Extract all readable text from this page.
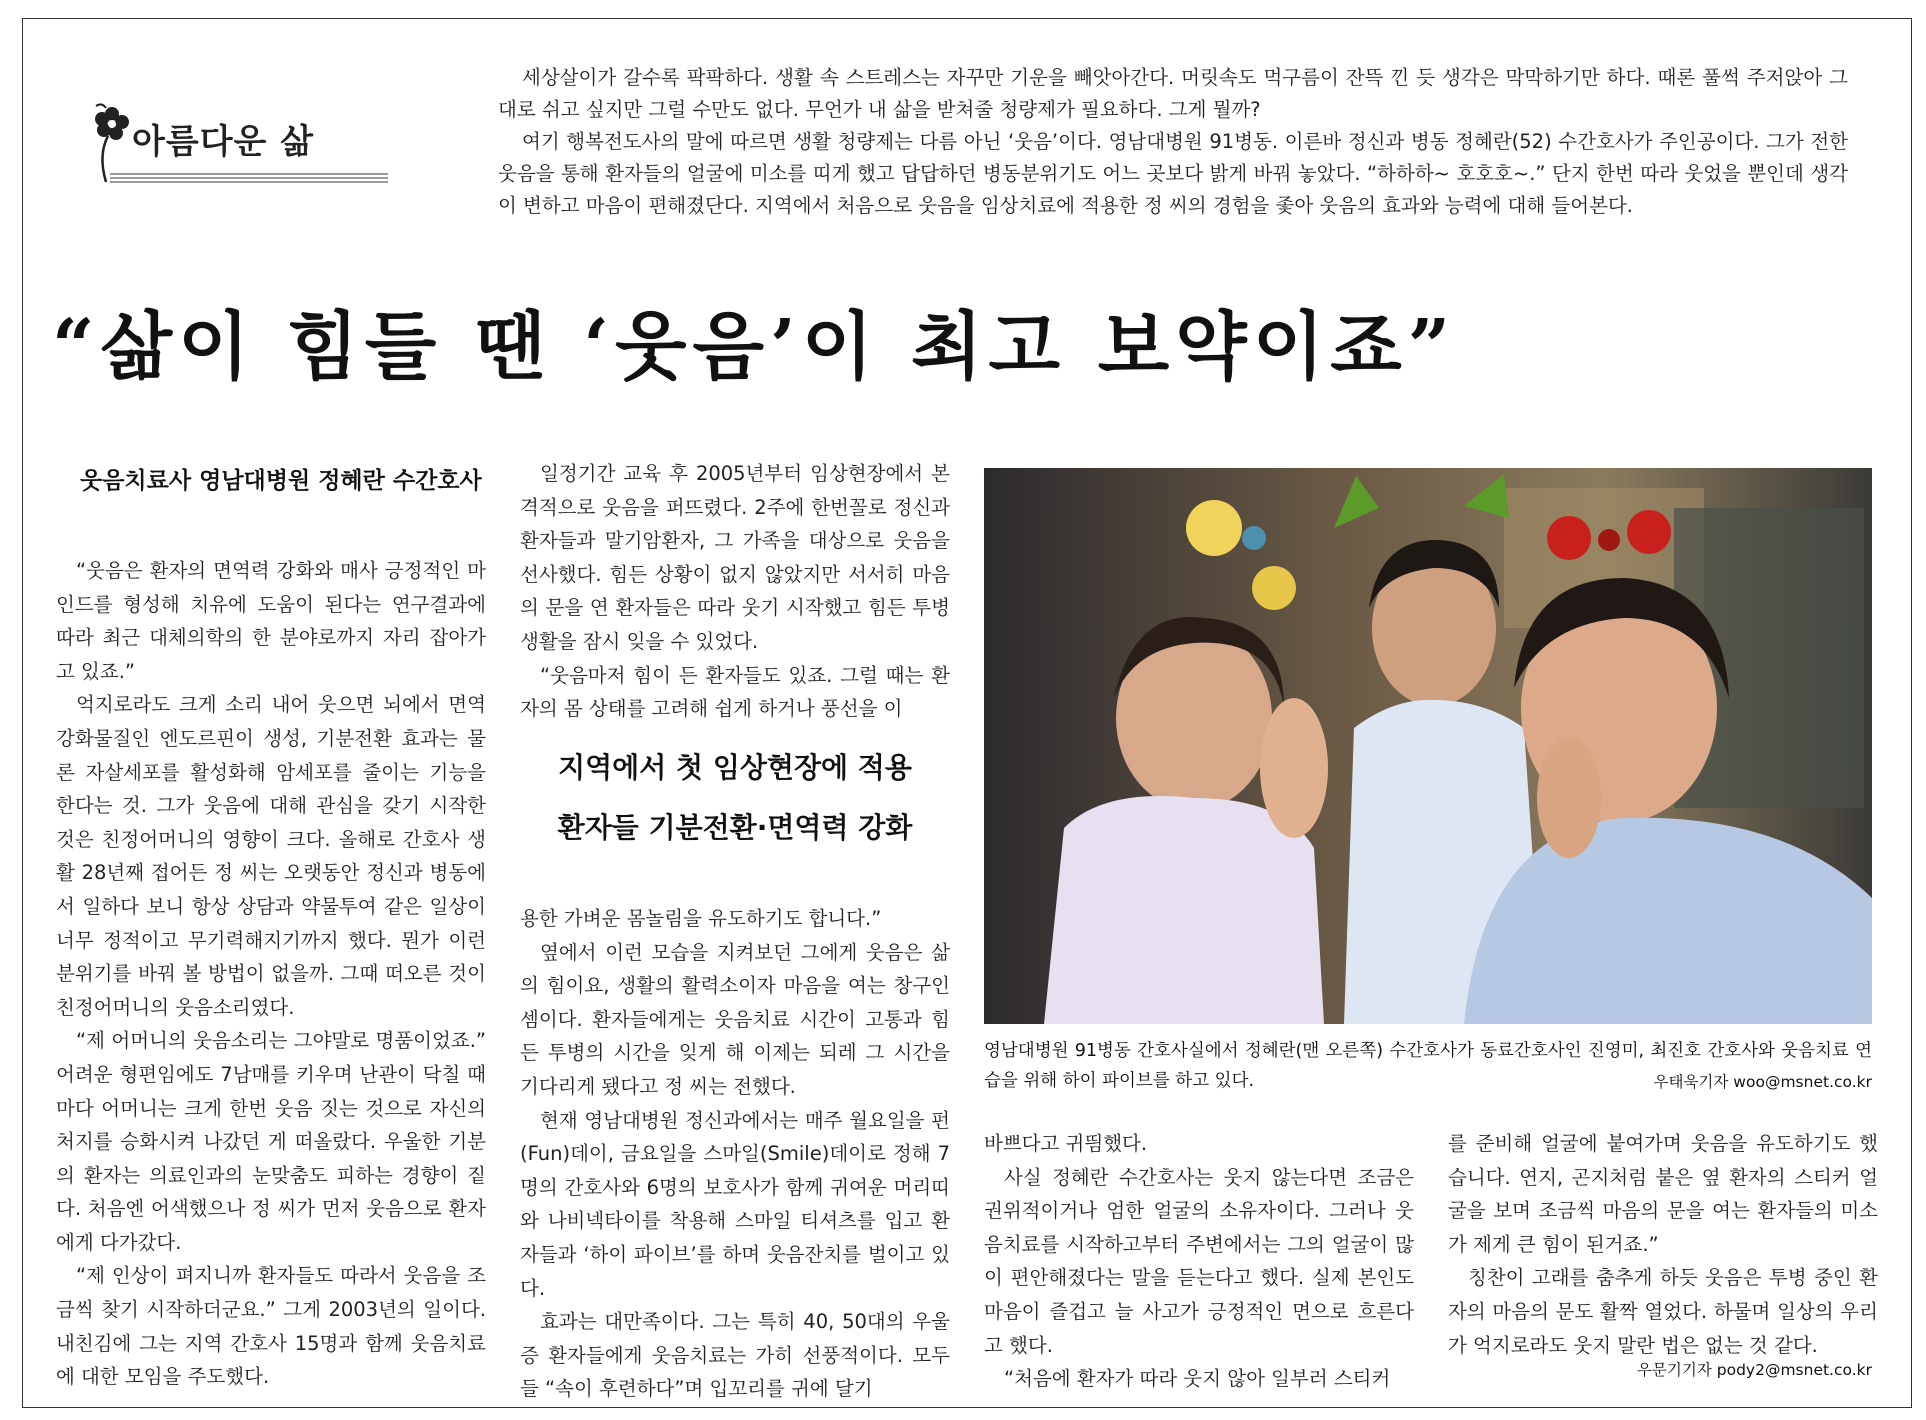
아름다운 삶

세상살이가 갈수록 팍팍하다. 생활 속 스트레스는 자꾸만 기운을 빼앗아간다. 머릿속도 먹구름이 잔뜩 낀 듯 생각은 막막하기만 하다. 때론 풀썩 주저앉아 그대로 쉬고 싶지만 그럴 수만도 없다. 무언가 내 삶을 받쳐줄 청량제가 필요하다. 그게 뭘까?

여기 행복전도사의 말에 따르면 생활 청량제는 다름 아닌 ‘웃음’이다. 영남대병원 91병동. 이른바 정신과 병동 정혜란(52) 수간호사가 주인공이다. 그가 전한 웃음을 통해 환자들의 얼굴에 미소를 띠게 했고 답답하던 병동분위기도 어느 곳보다 밝게 바꿔 놓았다. “하하하~ 호호호~.” 단지 한번 따라 웃었을 뿐인데 생각이 변하고 마음이 편해졌단다. 지역에서 처음으로 웃음을 임상치료에 적용한 정 씨의 경험을 좇아 웃음의 효과와 능력에 대해 들어본다.

“삶이 힘들 땐 ‘웃음’이 최고 보약이죠”
웃음치료사 영남대병원 정혜란 수간호사

“웃음은 환자의 면역력 강화와 매사 긍정적인 마인드를 형성해 치유에 도움이 된다는 연구결과에 따라 최근 대체의학의 한 분야로까지 자리 잡아가고 있죠.”

억지로라도 크게 소리 내어 웃으면 뇌에서 면역강화물질인 엔도르핀이 생성, 기분전환 효과는 물론 자살세포를 활성화해 암세포를 줄이는 기능을 한다는 것. 그가 웃음에 대해 관심을 갖기 시작한 것은 친정어머니의 영향이 크다. 올해로 간호사 생활 28년째 접어든 정 씨는 오랫동안 정신과 병동에서 일하다 보니 항상 상담과 약물투여 같은 일상이 너무 정적이고 무기력해지기까지 했다. 뭔가 이런 분위기를 바꿔 볼 방법이 없을까. 그때 떠오른 것이 친정어머니의 웃음소리였다.

“제 어머니의 웃음소리는 그야말로 명품이었죠.” 어려운 형편임에도 7남매를 키우며 난관이 닥칠 때마다 어머니는 크게 한번 웃음 짓는 것으로 자신의 처지를 승화시켜 나갔던 게 떠올랐다. 우울한 기분의 환자는 의료인과의 눈맞춤도 피하는 경향이 짙다. 처음엔 어색했으나 정 씨가 먼저 웃음으로 환자에게 다가갔다.

“제 인상이 펴지니까 환자들도 따라서 웃음을 조금씩 찾기 시작하더군요.” 그게 2003년의 일이다. 내친김에 그는 지역 간호사 15명과 함께 웃음치료에 대한 모임을 주도했다.

일정기간 교육 후 2005년부터 임상현장에서 본격적으로 웃음을 퍼뜨렸다. 2주에 한번꼴로 정신과 환자들과 말기암환자, 그 가족을 대상으로 웃음을 선사했다. 힘든 상황이 없지 않았지만 서서히 마음의 문을 연 환자들은 따라 웃기 시작했고 힘든 투병생활을 잠시 잊을 수 있었다.

“웃음마저 힘이 든 환자들도 있죠. 그럴 때는 환자의 몸 상태를 고려해 쉽게 하거나 풍선을 이

지역에서 첫 임상현장에 적용
환자들 기분전환·면역력 강화

용한 가벼운 몸놀림을 유도하기도 합니다.”

옆에서 이런 모습을 지켜보던 그에게 웃음은 삶의 힘이요, 생활의 활력소이자 마음을 여는 창구인 셈이다. 환자들에게는 웃음치료 시간이 고통과 힘든 투병의 시간을 잊게 해 이제는 되레 그 시간을 기다리게 됐다고 정 씨는 전했다.

현재 영남대병원 정신과에서는 매주 월요일을 펀(Fun)데이, 금요일을 스마일(Smile)데이로 정해 7명의 간호사와 6명의 보호사가 함께 귀여운 머리띠와 나비넥타이를 착용해 스마일 티셔츠를 입고 환자들과 ‘하이 파이브’를 하며 웃음잔치를 벌이고 있다.

효과는 대만족이다. 그는 특히 40, 50대의 우울증 환자들에게 웃음치료는 가히 선풍적이다. 모두들 “속이 후련하다”며 입꼬리를 귀에 달기

영남대병원 91병동 간호사실에서 정혜란(맨 오른쪽) 수간호사가 동료간호사인 진영미, 최진호 간호사와 웃음치료 연습을 위해 하이 파이브를 하고 있다.	우태욱기자 woo@msnet.co.kr

바쁘다고 귀띔했다.

사실 정혜란 수간호사는 웃지 않는다면 조금은 권위적이거나 엄한 얼굴의 소유자이다. 그러나 웃음치료를 시작하고부터 주변에서는 그의 얼굴이 많이 편안해졌다는 말을 듣는다고 했다. 실제 본인도 마음이 즐겁고 늘 사고가 긍정적인 면으로 흐른다고 했다.

“처음에 환자가 따라 웃지 않아 일부러 스티커

를 준비해 얼굴에 붙여가며 웃음을 유도하기도 했습니다. 연지, 곤지처럼 붙은 옆 환자의 스티커 얼굴을 보며 조금씩 마음의 문을 여는 환자들의 미소가 제게 큰 힘이 된거죠.”

칭찬이 고래를 춤추게 하듯 웃음은 투병 중인 환자의 마음의 문도 활짝 열었다. 하물며 일상의 우리가 억지로라도 웃지 말란 법은 없는 것 같다.

우문기기자 pody2@msnet.co.kr
